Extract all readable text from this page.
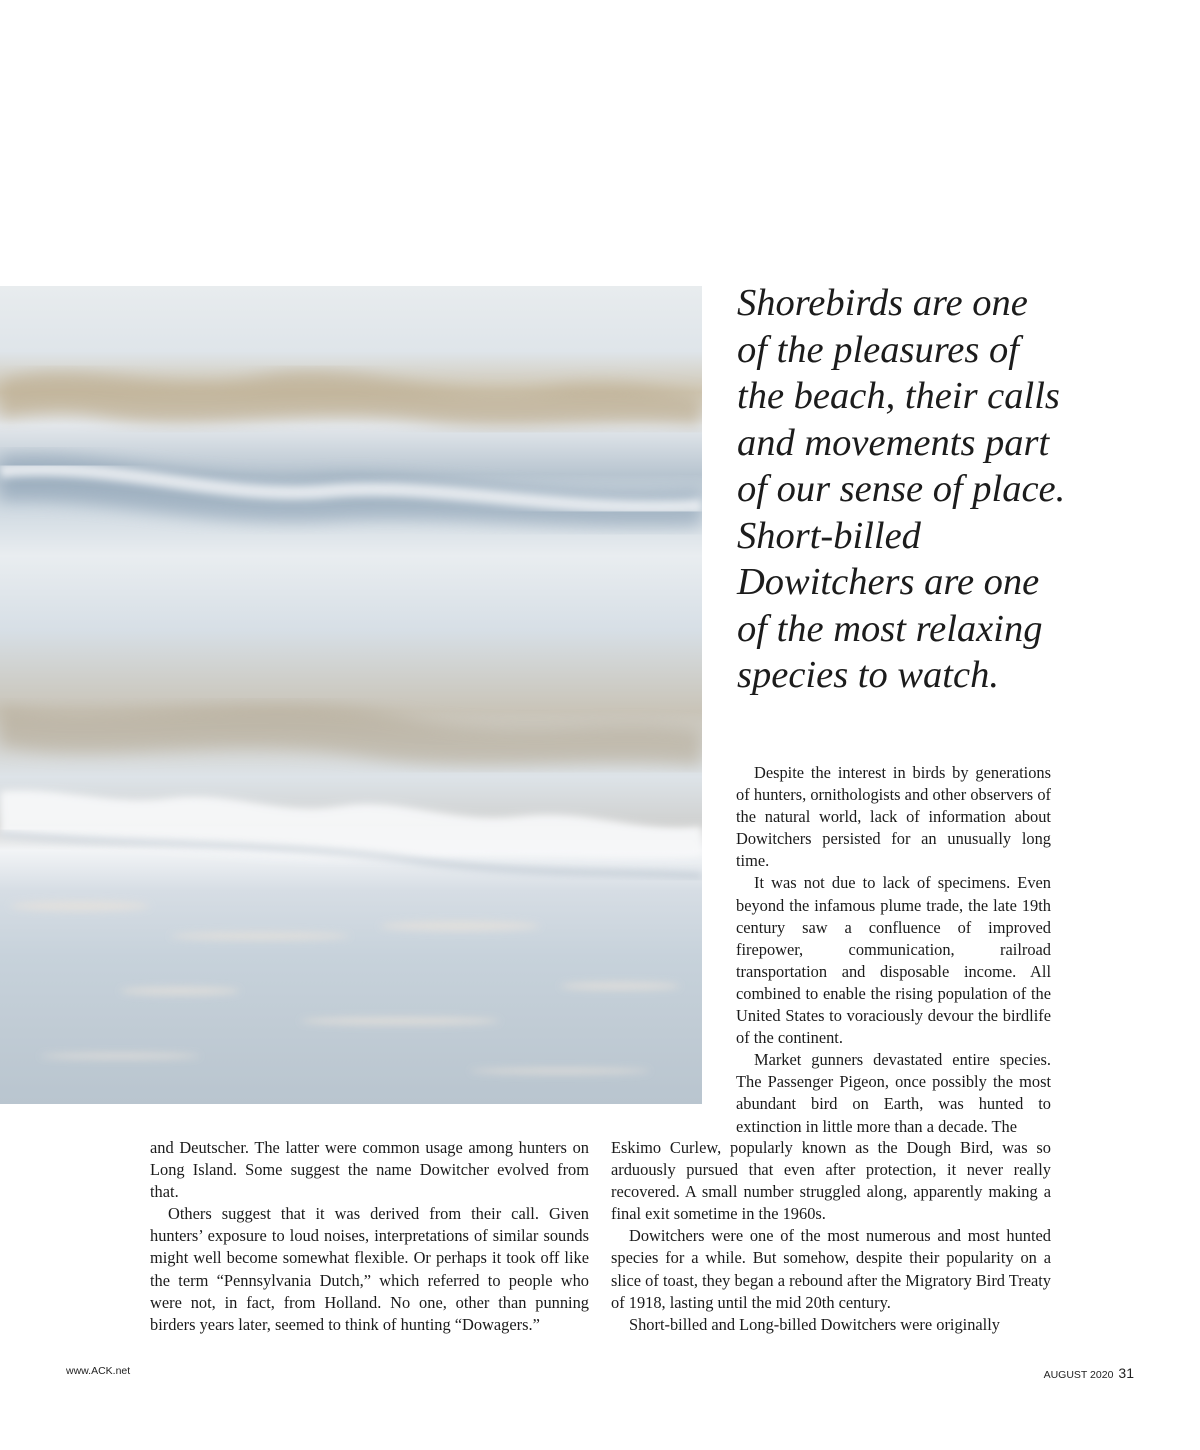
Shorebirds are one of the pleasures of the beach, their calls and movements part of our sense of place. Short-billed Dowitchers are one of the most relaxing species to watch.

Despite the interest in birds by generations of hunters, ornithologists and other observers of the natural world, lack of information about Dowitchers persisted for an unusually long time.

It was not due to lack of specimens. Even beyond the infamous plume trade, the late 19th century saw a confluence of improved firepower, communication, railroad transportation and disposable income. All combined to enable the rising population of the United States to voraciously devour the birdlife of the continent.

Market gunners devastated entire species. The Passenger Pigeon, once possibly the most abundant bird on Earth, was hunted to extinction in little more than a decade. The

and Deutscher. The latter were common usage among hunters on Long Island. Some suggest the name Dowitcher evolved from that.

Others suggest that it was derived from their call. Given hunters’ exposure to loud noises, interpretations of similar sounds might well become somewhat flexible. Or perhaps it took off like the term “Pennsylvania Dutch,” which referred to people who were not, in fact, from Holland. No one, other than punning birders years later, seemed to think of hunting “Dowagers.”

Eskimo Curlew, popularly known as the Dough Bird, was so arduously pursued that even after protection, it never really recovered. A small number struggled along, apparently making a final exit sometime in the 1960s.

Dowitchers were one of the most numerous and most hunted species for a while. But somehow, despite their popularity on a slice of toast, they began a rebound after the Migratory Bird Treaty of 1918, lasting until the mid 20th century.

Short-billed and Long-billed Dowitchers were originally

www.ACK.net	AUGUST 2020 31
